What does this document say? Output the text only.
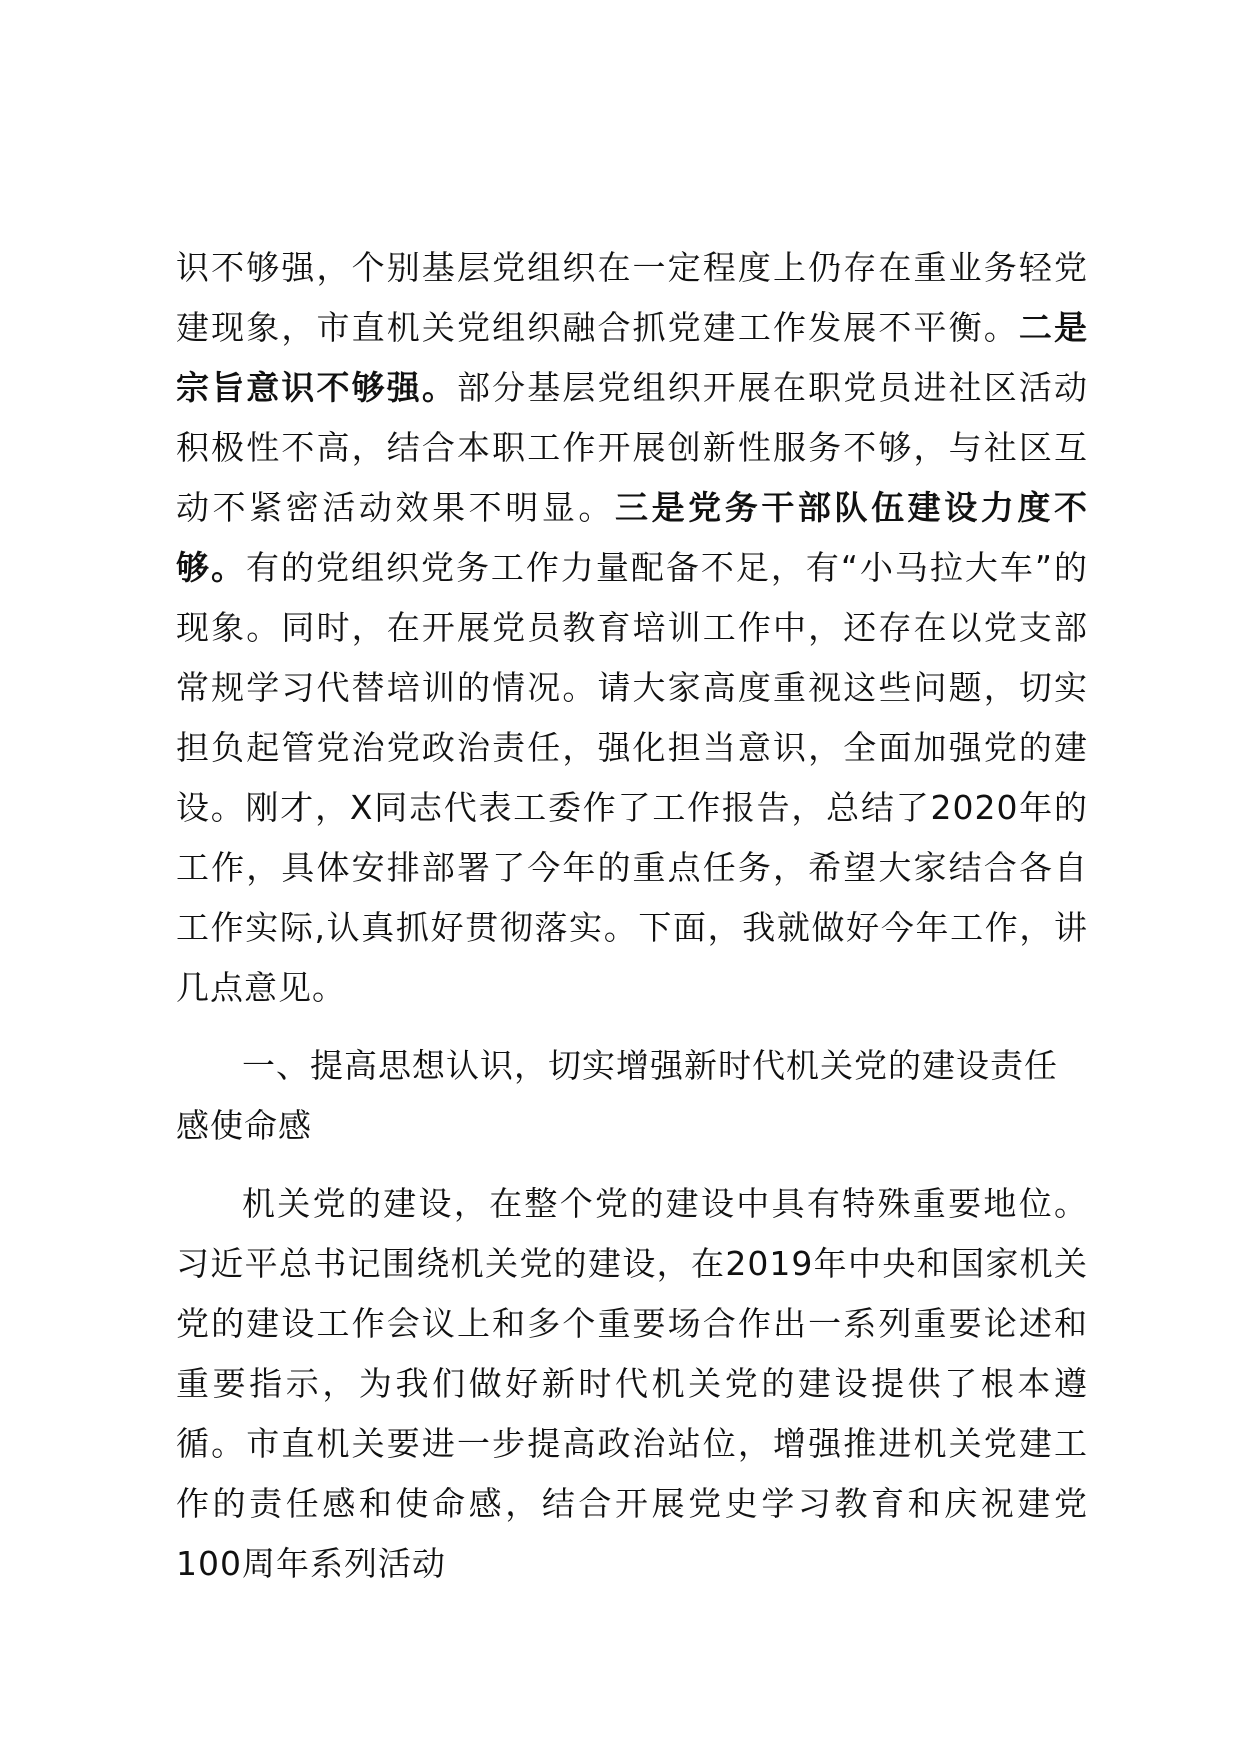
识不够强，个别基层党组织在一定程度上仍存在重业务轻党建现象，市直机关党组织融合抓党建工作发展不平衡。二是宗旨意识不够强。部分基层党组织开展在职党员进社区活动积极性不高，结合本职工作开展创新性服务不够，与社区互动不紧密活动效果不明显。三是党务干部队伍建设力度不够。有的党组织党务工作力量配备不足，有“小马拉大车”的现象。同时，在开展党员教育培训工作中，还存在以党支部常规学习代替培训的情况。请大家高度重视这些问题，切实担负起管党治党政治责任，强化担当意识，全面加强党的建设。刚才，X同志代表工委作了工作报告，总结了2020年的工作，具体安排部署了今年的重点任务，希望大家结合各自工作实际,认真抓好贯彻落实。下面，我就做好今年工作，讲几点意见。

一、提高思想认识，切实增强新时代机关党的建设责任感使命感

机关党的建设，在整个党的建设中具有特殊重要地位。习近平总书记围绕机关党的建设，在2019年中央和国家机关党的建设工作会议上和多个重要场合作出一系列重要论述和重要指示，为我们做好新时代机关党的建设提供了根本遵循。市直机关要进一步提高政治站位，增强推进机关党建工作的责任感和使命感，结合开展党史学习教育和庆祝建党100周年系列活动
